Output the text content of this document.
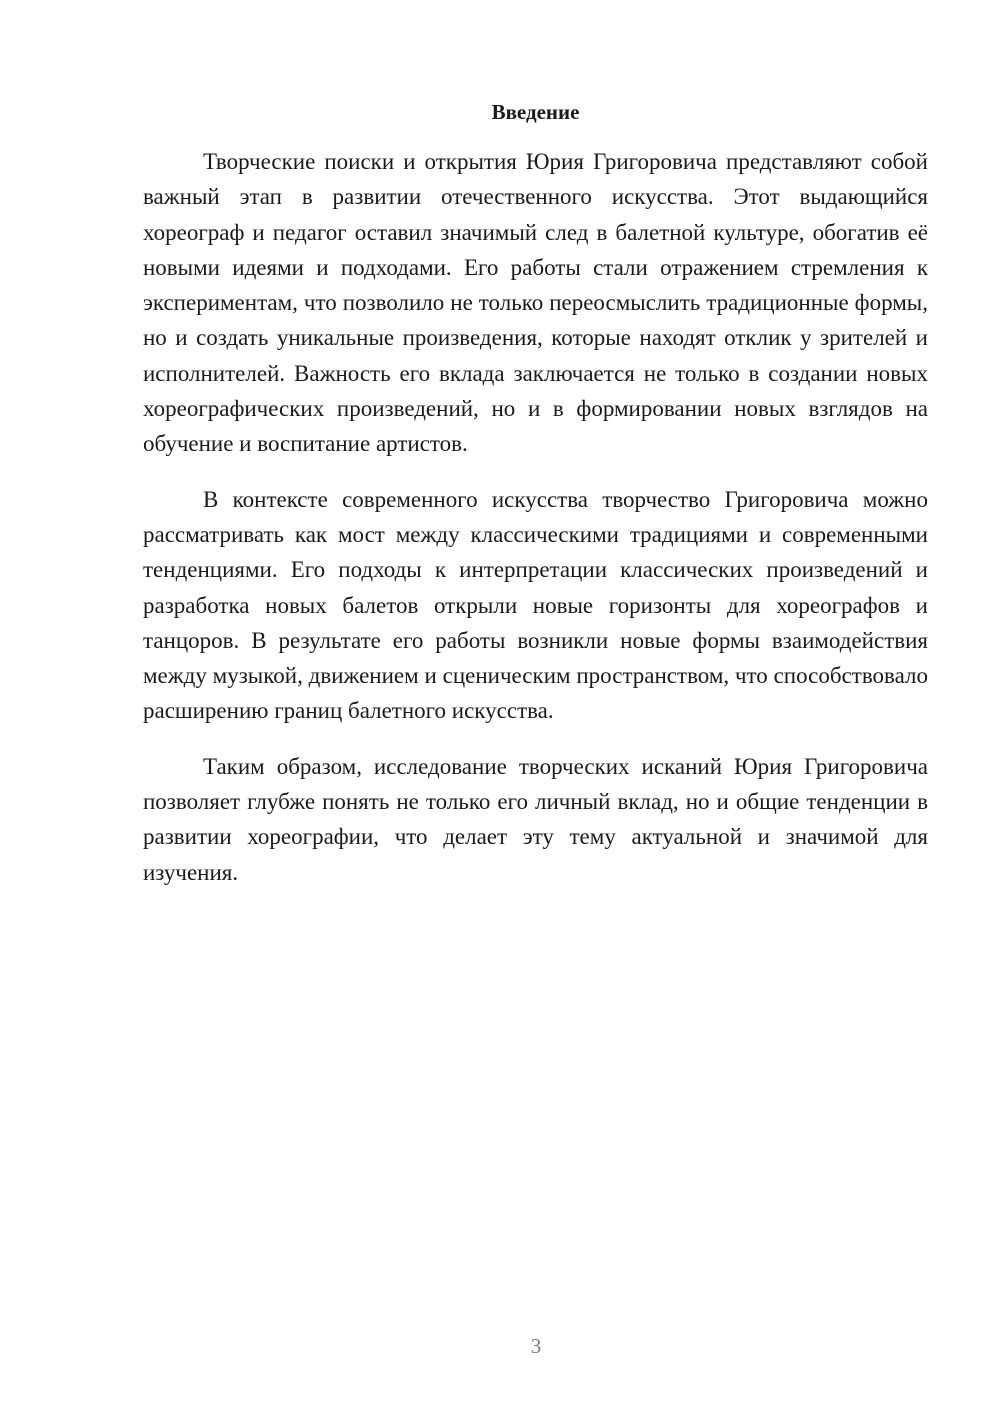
Введение

Творческие поиски и открытия Юрия Григоровича представляют собой важный этап в развитии отечественного искусства. Этот выдающийся хореограф и педагог оставил значимый след в балетной культуре, обогатив её новыми идеями и подходами. Его работы стали отражением стремления к экспериментам, что позволило не только переосмыслить традиционные формы, но и создать уникальные произведения, которые находят отклик у зрителей и исполнителей. Важность его вклада заключается не только в создании новых хореографических произведений, но и в формировании новых взглядов на обучение и воспитание артистов.

В контексте современного искусства творчество Григоровича можно рассматривать как мост между классическими традициями и современными тенденциями. Его подходы к интерпретации классических произведений и разработка новых балетов открыли новые горизонты для хореографов и танцоров. В результате его работы возникли новые формы взаимодействия между музыкой, движением и сценическим пространством, что способствовало расширению границ балетного искусства.

Таким образом, исследование творческих исканий Юрия Григоровича позволяет глубже понять не только его личный вклад, но и общие тенденции в развитии хореографии, что делает эту тему актуальной и значимой для изучения.

3
